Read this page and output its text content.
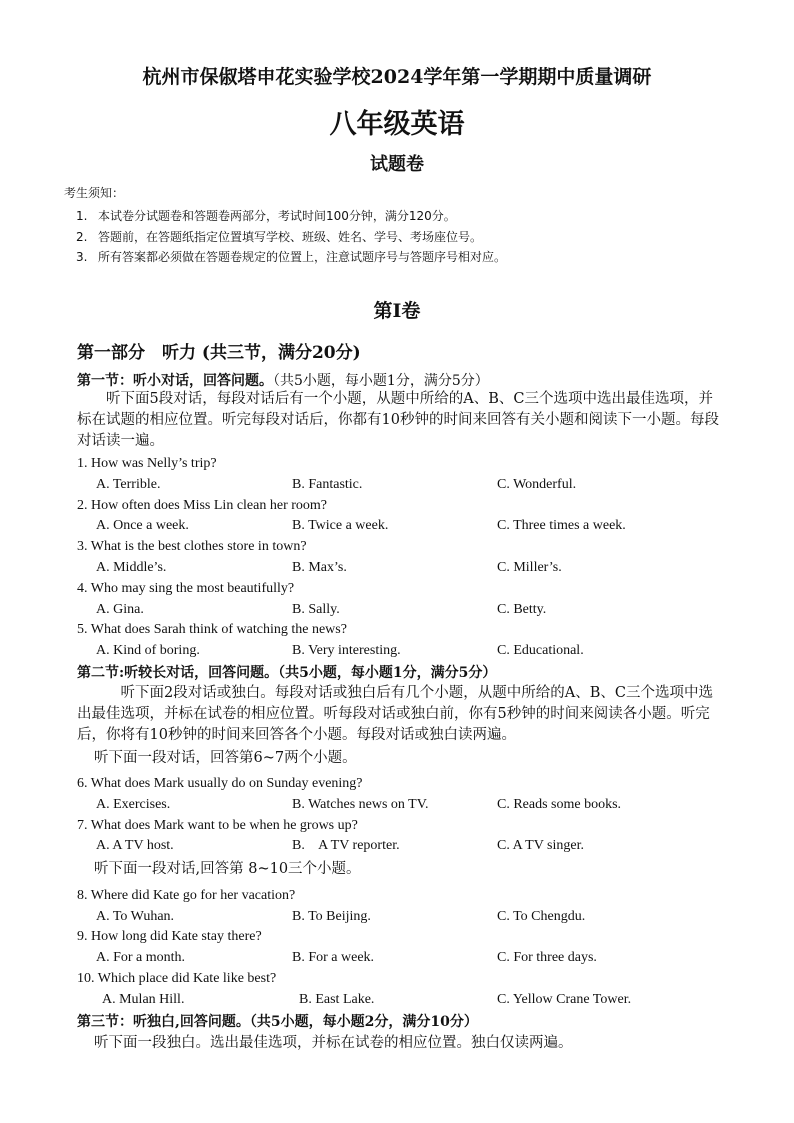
杭州市保俶塔申花实验学校2024学年第一学期期中质量调研
八年级英语
试题卷
考生须知：
1. 本试卷分试题卷和答题卷两部分，考试时间100分钟，满分120分。
2. 答题前，在答题纸指定位置填写学校、班级、姓名、学号、考场座位号。
3. 所有答案都必须做在答题卷规定的位置上，注意试题序号与答题序号相对应。
第I卷
第一部分　听力 (共三节，满分20分)
第一节：听小对话，回答问题。（共5小题，每小题1分，满分5分）
听下面5段对话，每段对话后有一个小题，从题中所给的A、B、C三个选项中选出最佳选项，并标在试题的相应位置。听完每段对话后，你都有10秒钟的时间来回答有关小题和阅读下一小题。每段对话读一遍。
1. How was Nelly’s trip?
A. Terrible.	B. Fantastic.	C. Wonderful.
2. How often does Miss Lin clean her room?
A. Once a week.	B. Twice a week.	C. Three times a week.
3. What is the best clothes store in town?
A. Middle’s.	B. Max’s.	C. Miller’s.
4. Who may sing the most beautifully?
A. Gina.	B. Sally.	C. Betty.
5. What does Sarah think of watching the news?
A. Kind of boring.	B. Very interesting.	C. Educational.
第二节:听较长对话，回答问题。（共5小题，每小题1分，满分5分）
听下面2段对话或独白。每段对话或独白后有几个小题，从题中所给的A、B、C三个选项中选出最佳选项，并标在试卷的相应位置。听每段对话或独白前，你有5秒钟的时间来阅读各小题。听完后，你将有10秒钟的时间来回答各个小题。每段对话或独白读两遍。
听下面一段对话，回答第6~7两个小题。
6. What does Mark usually do on Sunday evening?
A. Exercises.	B. Watches news on TV.	C. Reads some books.
7. What does Mark want to be when he grows up?
A. A TV host.	B.    A TV reporter.	C. A TV singer.
听下面一段对话,回答第 8~10三个小题。
8. Where did Kate go for her vacation?
A. To Wuhan.	B. To Beijing.	C. To Chengdu.
9. How long did Kate stay there?
A. For a month.	B. For a week.	C. For three days.
10. Which place did Kate like best?
A. Mulan Hill.	B. East Lake.	C. Yellow Crane Tower.
第三节：听独白,回答问题。（共5小题，每小题2分，满分10分）
听下面一段独白。选出最佳选项，并标在试卷的相应位置。独白仅读两遍。
